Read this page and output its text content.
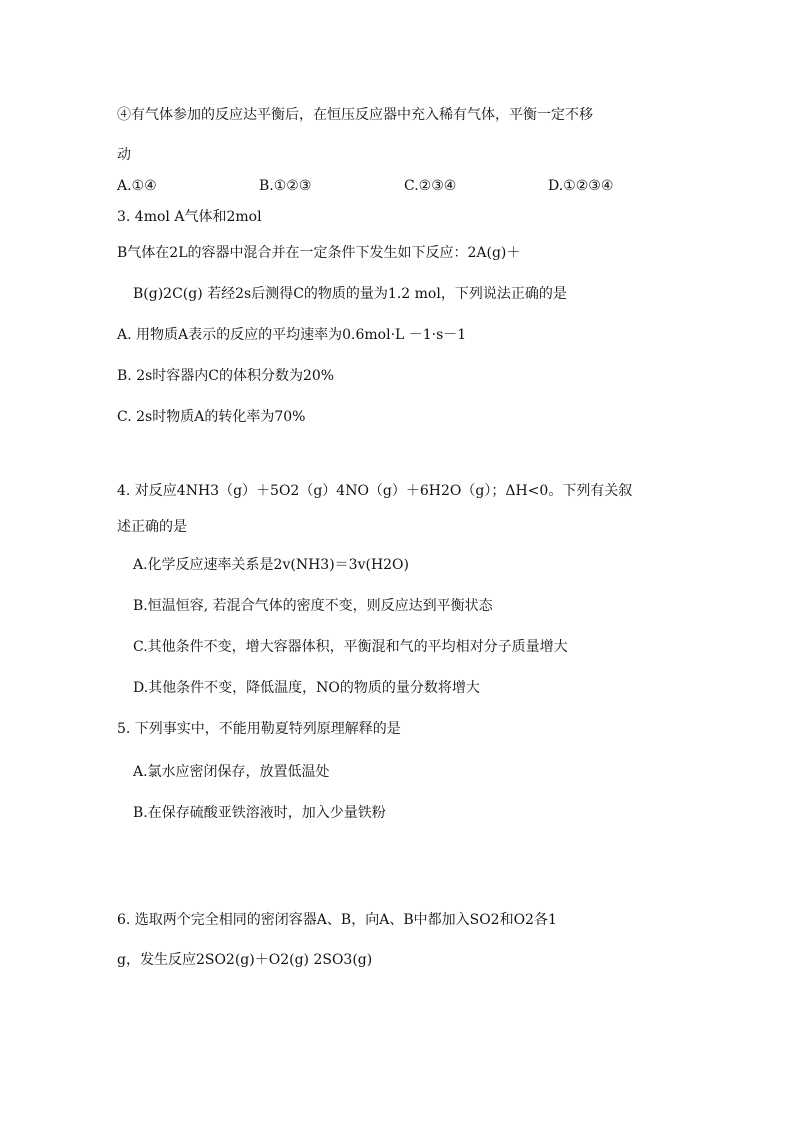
④有气体参加的反应达平衡后，在恒压反应器中充入稀有气体，平衡一定不移
动
A.①④	B.①②③	C.②③④	D.①②③④
3. 4mol A气体和2mol
B气体在2L的容器中混合并在一定条件下发生如下反应：2A(g)＋
B(g)2C(g) 若经2s后测得C的物质的量为1.2 mol，下列说法正确的是
A. 用物质A表示的反应的平均速率为0.6mol·L －1·s－1
B. 2s时容器内C的体积分数为20%
C. 2s时物质A的转化率为70%
4. 对反应4NH3（g）＋5O2（g）4NO（g）＋6H2O（g）；ΔH<0。下列有关叙
述正确的是
A.化学反应速率关系是2v(NH3)＝3v(H2O)
B.恒温恒容, 若混合气体的密度不变，则反应达到平衡状态
C.其他条件不变，增大容器体积，平衡混和气的平均相对分子质量增大
D.其他条件不变，降低温度，NO的物质的量分数将增大
5. 下列事实中，不能用勒夏特列原理解释的是
A.氯水应密闭保存，放置低温处
B.在保存硫酸亚铁溶液时，加入少量铁粉
6. 选取两个完全相同的密闭容器A、B，向A、B中都加入SO2和O2各1
g，发生反应2SO2(g)＋O2(g) 2SO3(g)
